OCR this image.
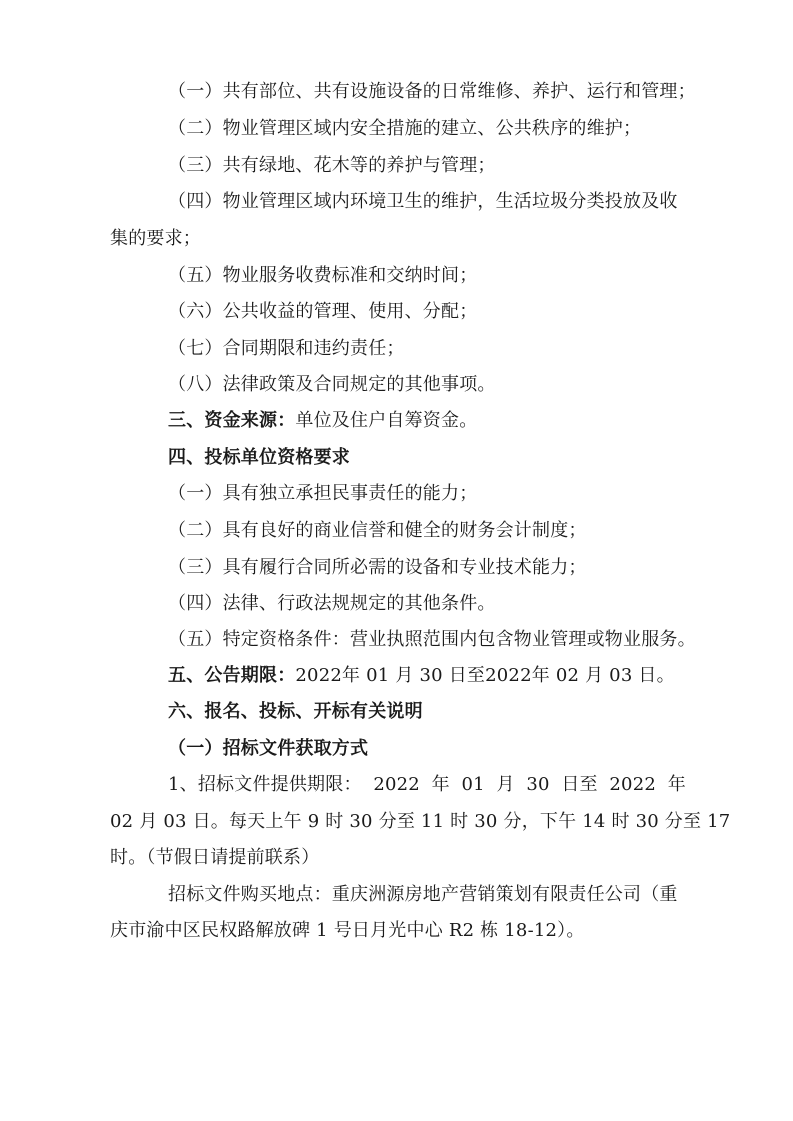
（一）共有部位、共有设施设备的日常维修、养护、运行和管理；
（二）物业管理区域内安全措施的建立、公共秩序的维护；
（三）共有绿地、花木等的养护与管理；
（四）物业管理区域内环境卫生的维护，生活垃圾分类投放及收
集的要求；
（五）物业服务收费标准和交纳时间；
（六）公共收益的管理、使用、分配；
（七）合同期限和违约责任；
（八）法律政策及合同规定的其他事项。
三、资金来源：单位及住户自筹资金。
四、投标单位资格要求
（一）具有独立承担民事责任的能力；
（二）具有良好的商业信誉和健全的财务会计制度；
（三）具有履行合同所必需的设备和专业技术能力；
（四）法律、行政法规规定的其他条件。
（五）特定资格条件：营业执照范围内包含物业管理或物业服务。
五、公告期限：2022年 01 月 30 日至2022年 02 月 03 日。
六、报名、投标、开标有关说明
（一）招标文件获取方式
1、招标文件提供期限： 2022 年 01 月 30 日至 2022 年
02 月 03 日。每天上午 9 时 30 分至 11 时 30 分，下午 14 时 30 分至 17
时。（节假日请提前联系）
招标文件购买地点：重庆洲源房地产营销策划有限责任公司（重
庆市渝中区民权路解放碑 1 号日月光中心 R2 栋 18-12）。
